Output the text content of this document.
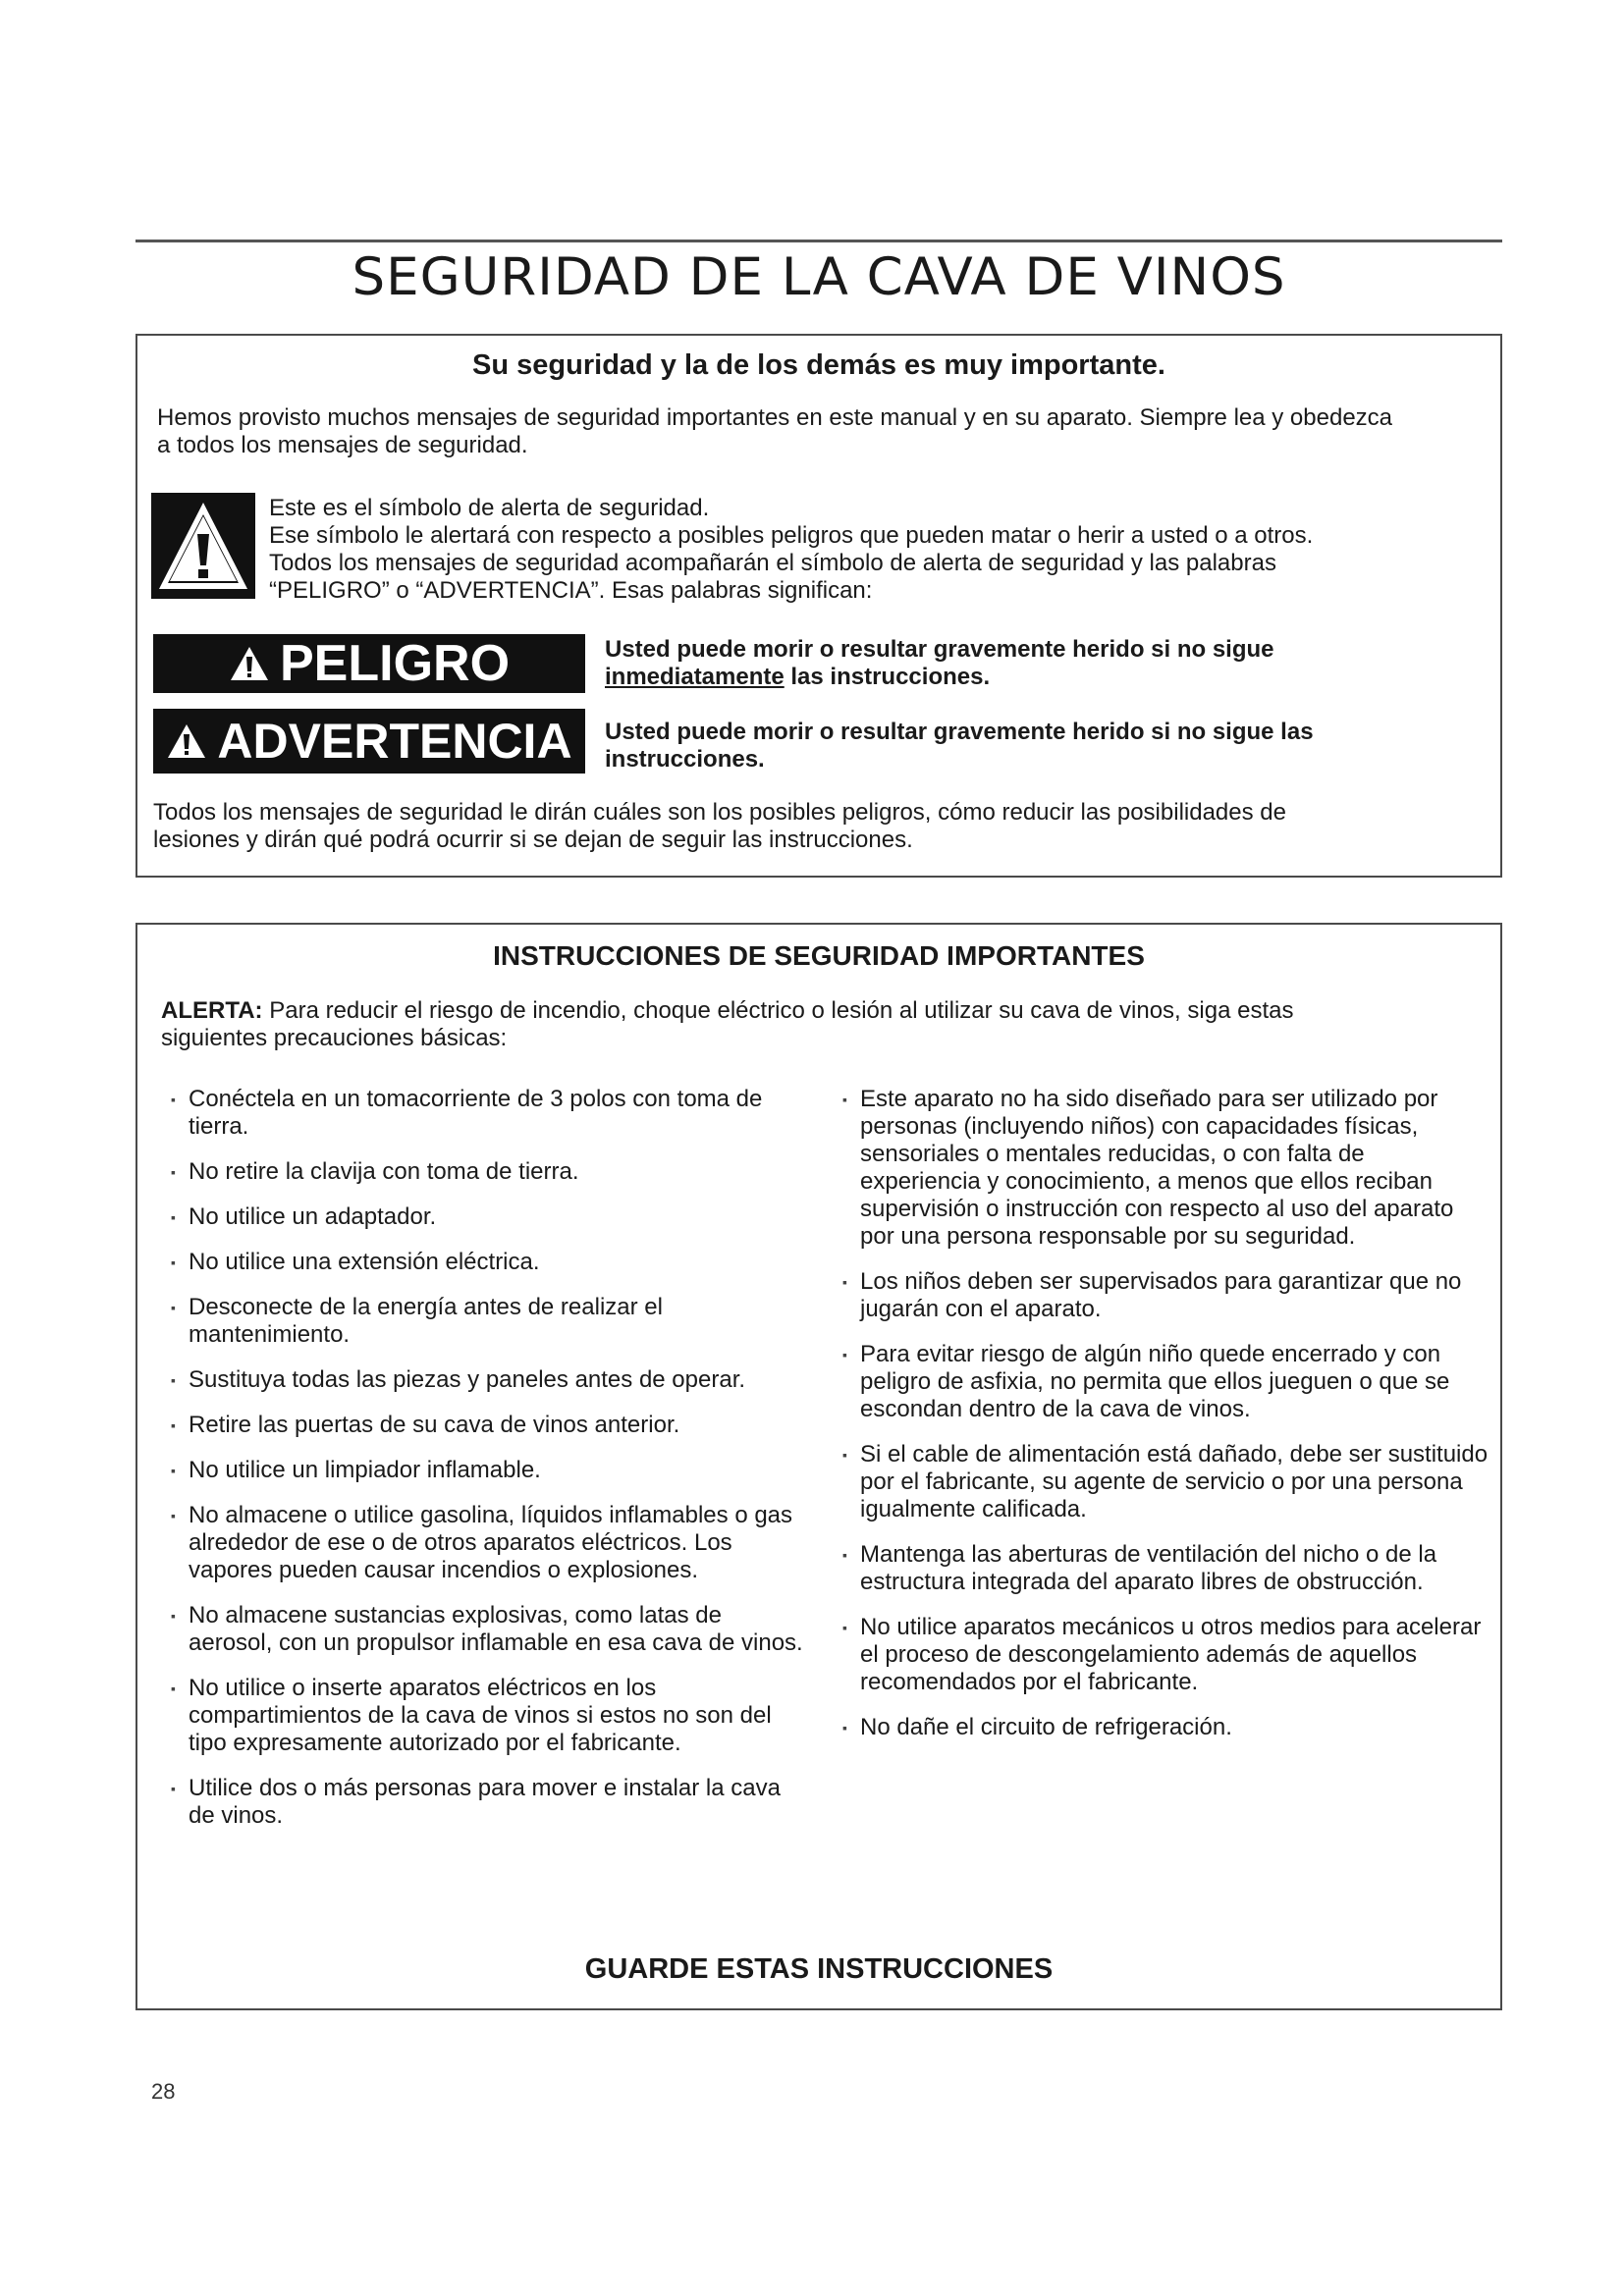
SEGURIDAD DE LA CAVA DE VINOS

Su seguridad y la de los demás es muy importante.

Hemos provisto muchos mensajes de seguridad importantes en este manual y en su aparato. Siempre lea y obedezca

a todos los mensajes de seguridad.

Este es el símbolo de alerta de seguridad.

Ese símbolo le alertará con respecto a posibles peligros que pueden matar o herir a usted o a otros.

Todos los mensajes de seguridad acompañarán el símbolo de alerta de seguridad y las palabras

“PELIGRO” o “ADVERTENCIA”. Esas palabras significan:

PELIGRO	Usted puede morir o resultar gravemente herido si no sigue

inmediatamente las instrucciones.

ADVERTENCIA Usted puede morir o resultar gravemente herido si no sigue las

instrucciones.

Todos los mensajes de seguridad le dirán cuáles son los posibles peligros, cómo reducir las posibilidades de

lesiones y dirán qué podrá ocurrir si se dejan de seguir las instrucciones.

INSTRUCCIONES DE SEGURIDAD IMPORTANTES

ALERTA: Para reducir el riesgo de incendio, choque eléctrico o lesión al utilizar su cava de vinos, siga estas

siguientes precauciones básicas:

▪ Conéctela en un tomacorriente de 3 polos con toma de tierra.
▪ No retire la clavija con toma de tierra.
▪ No utilice un adaptador.
▪ No utilice una extensión eléctrica.
▪ Desconecte de la energía antes de realizar el mantenimiento.
▪ Sustituya todas las piezas y paneles antes de operar.
▪ Retire las puertas de su cava de vinos anterior.
▪ No utilice un limpiador inflamable.
▪ No almacene o utilice gasolina, líquidos inflamables o gas alrededor de ese o de otros aparatos eléctricos. Los vapores pueden causar incendios o explosiones.
▪ No almacene sustancias explosivas, como latas de aerosol, con un propulsor inflamable en esa cava de vinos.
▪ No utilice o inserte aparatos eléctricos en los compartimientos de la cava de vinos si estos no son del tipo expresamente autorizado por el fabricante.
▪ Utilice dos o más personas para mover e instalar la cava de vinos.
▪ Este aparato no ha sido diseñado para ser utilizado por personas (incluyendo niños) con capacidades físicas, sensoriales o mentales reducidas, o con falta de experiencia y conocimiento, a menos que ellos reciban supervisión o instrucción con respecto al uso del aparato por una persona responsable por su seguridad.
▪ Los niños deben ser supervisados para garantizar que no jugarán con el aparato.
▪ Para evitar riesgo de algún niño quede encerrado y con peligro de asfixia, no permita que ellos jueguen o que se escondan dentro de la cava de vinos.
▪ Si el cable de alimentación está dañado, debe ser sustituido por el fabricante, su agente de servicio o por una persona igualmente calificada.
▪ Mantenga las aberturas de ventilación del nicho o de la estructura integrada del aparato libres de obstrucción.
▪ No utilice aparatos mecánicos u otros medios para acelerar el proceso de descongelamiento además de aquellos recomendados por el fabricante.
▪ No dañe el circuito de refrigeración.

GUARDE ESTAS INSTRUCCIONES

28
